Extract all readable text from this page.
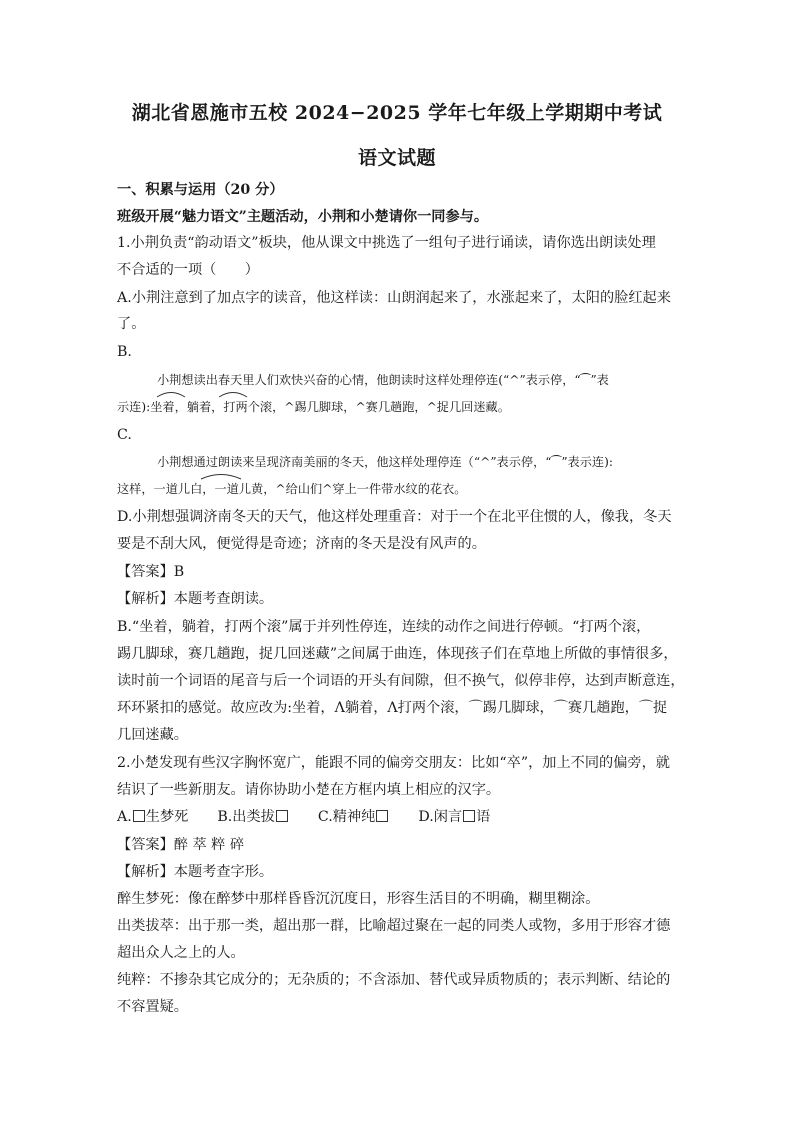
湖北省恩施市五校 2024−2025 学年七年级上学期期中考试
语文试题
一、积累与运用（20 分）
班级开展“魅力语文”主题活动，小荆和小楚请你一同参与。
1.小荆负责“韵动语文”板块，他从课文中挑选了一组句子进行诵读，请你选出朗读处理
不合适的一项（　　）
A.小荆注意到了加点字的读音，他这样读：山朗润起来了，水涨起来了，太阳的脸红起来
了。
B.
小荆想读出春天里人们欢快兴奋的心情，他朗读时这样处理停连(“^”表示停，“⁀”表
示连):坐着，躺着，打两个滚，^踢几脚球，^赛几趟跑，^捉几回迷藏。
C.
小荆想通过朗读来呈现济南美丽的冬天，他这样处理停连（“^”表示停，“⁀”表示连):
这样，一道儿白，一道儿黄，^给山们^穿上一件带水纹的花衣。
D.小荆想强调济南冬天的天气，他这样处理重音：对于一个在北平住惯的人，像我，冬天
要是不刮大风，便觉得是奇迹；济南的冬天是没有风声的。
【答案】B
【解析】本题考查朗读。
B.“坐着，躺着，打两个滚”属于并列性停连，连续的动作之间进行停顿。“打两个滚，
踢几脚球，赛几趟跑，捉几回迷藏”之间属于曲连，体现孩子们在草地上所做的事情很多，
读时前一个词语的尾音与后一个词语的开头有间隙，但不换气，似停非停，达到声断意连，
环环紧扣的感觉。故应改为:坐着，Λ躺着，Λ打两个滚，⌒踢几脚球，⌒赛几趟跑，⌒捉
几回迷藏。
2.小楚发现有些汉字胸怀宽广，能跟不同的偏旁交朋友：比如“卒”，加上不同的偏旁，就
结识了一些新朋友。请你协助小楚在方框内填上相应的汉字。
A. 生梦死 B.出类拔	C.精神纯	D.闲言 语
【答案】醉 萃 粹 碎
【解析】本题考查字形。
醉生梦死：像在醉梦中那样昏昏沉沉度日，形容生活目的不明确，糊里糊涂。
出类拔萃：出于那一类，超出那一群，比喻超过聚在一起的同类人或物，多用于形容才德
超出众人之上的人。
纯粹：不掺杂其它成分的；无杂质的；不含添加、替代或异质物质的；表示判断、结论的
不容置疑。
